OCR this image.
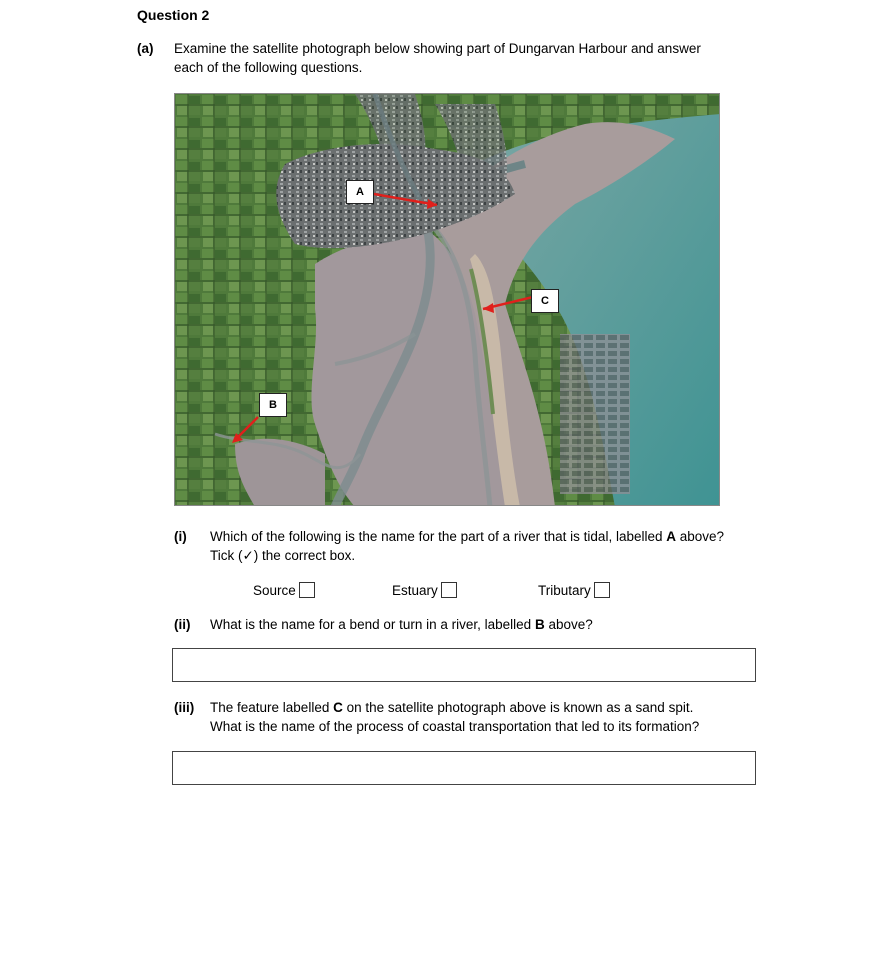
Question 2
(a) Examine the satellite photograph below showing part of Dungarvan Harbour and answer
each of the following questions.
A
B
C
(i) Which of the following is the name for the part of a river that is tidal, labelled A above?
Tick (✓) the correct box.
Source	Estuary	Tributary
(ii) What is the name for a bend or turn in a river, labelled B above?
(iii) The feature labelled C on the satellite photograph above is known as a sand spit.
What is the name of the process of coastal transportation that led to its formation?
